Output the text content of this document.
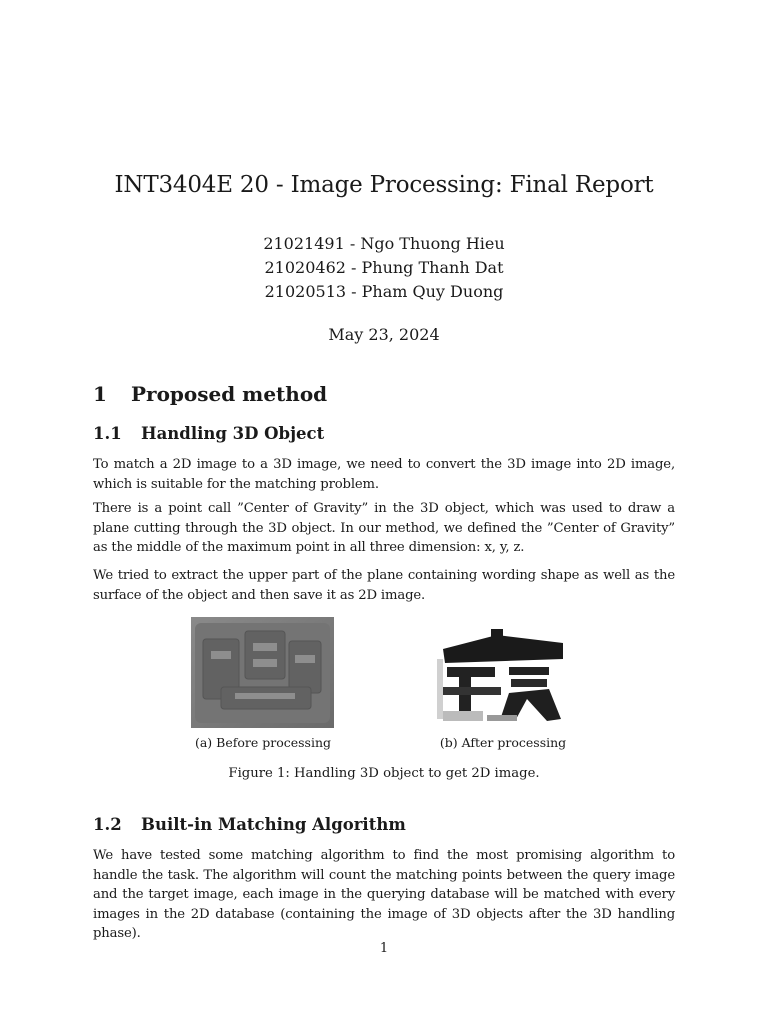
INT3404E 20 - Image Processing: Final Report
21021491 - Ngo Thuong Hieu
21020462 - Phung Thanh Dat
21020513 - Pham Quy Duong
May 23, 2024
1 Proposed method
1.1 Handling 3D Object
To match a 2D image to a 3D image, we need to convert the 3D image into 2D image, which is suitable for the matching problem.
There is a point call ”Center of Gravity” in the 3D object, which was used to draw a plane cutting through the 3D object. In our method, we defined the ”Center of Gravity” as the middle of the maximum point in all three dimension: x, y, z.
We tried to extract the upper part of the plane containing wording shape as well as the surface of the object and then save it as 2D image.
(a) Before processing	(b) After processing
Figure 1: Handling 3D object to get 2D image.
1.2 Built-in Matching Algorithm
We have tested some matching algorithm to find the most promising algorithm to handle the task. The algorithm will count the matching points between the query image and the target image, each image in the querying database will be matched with every images in the 2D database (containing the image of 3D objects after the 3D handling phase).
1
